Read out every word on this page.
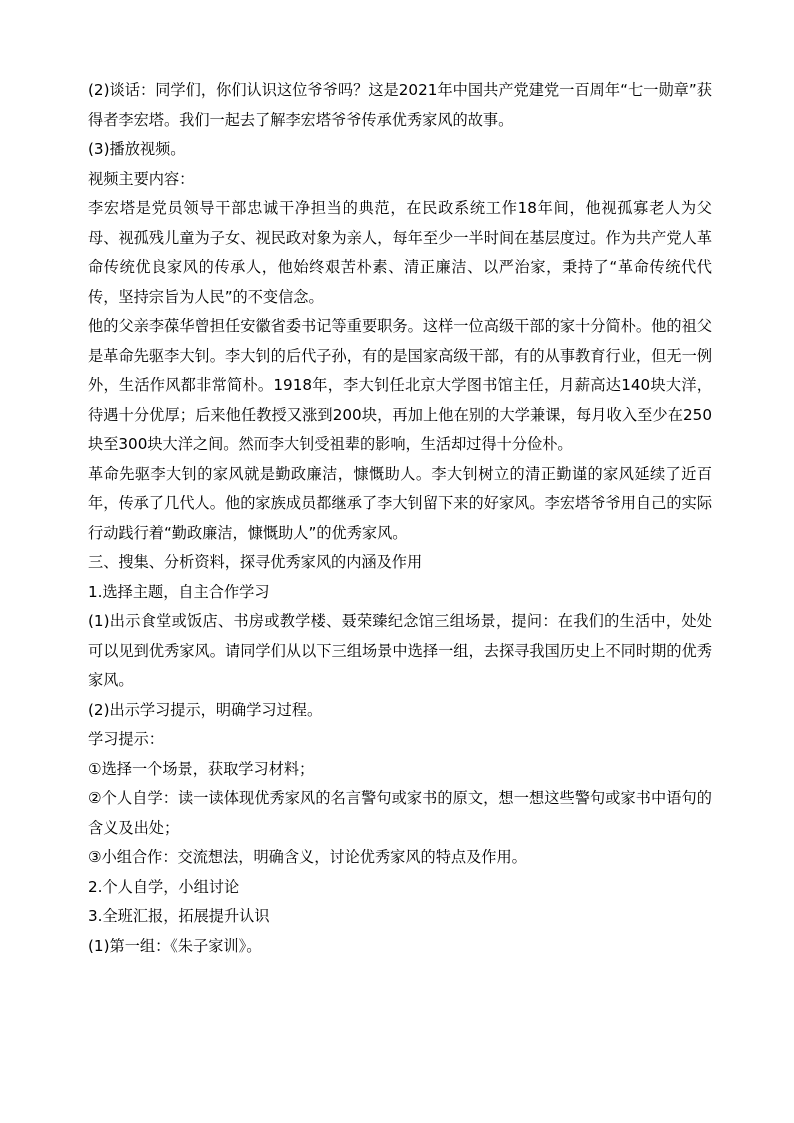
(2)谈话：同学们，你们认识这位爷爷吗？这是2021年中国共产党建党一百周年“七一勋章”获得者李宏塔。我们一起去了解李宏塔爷爷传承优秀家风的故事。

(3)播放视频。

视频主要内容：

李宏塔是党员领导干部忠诚干净担当的典范，在民政系统工作18年间，他视孤寡老人为父母、视孤残儿童为子女、视民政对象为亲人，每年至少一半时间在基层度过。作为共产党人革命传统优良家风的传承人，他始终艰苦朴素、清正廉洁、以严治家，秉持了“革命传统代代传，坚持宗旨为人民”的不变信念。

他的父亲李葆华曾担任安徽省委书记等重要职务。这样一位高级干部的家十分简朴。他的祖父是革命先驱李大钊。李大钊的后代子孙，有的是国家高级干部，有的从事教育行业，但无一例外，生活作风都非常简朴。1918年，李大钊任北京大学图书馆主任，月薪高达140块大洋，待遇十分优厚；后来他任教授又涨到200块，再加上他在别的大学兼课，每月收入至少在250块至300块大洋之间。然而李大钊受祖辈的影响，生活却过得十分俭朴。

革命先驱李大钊的家风就是勤政廉洁，慷慨助人。李大钊树立的清正勤谨的家风延续了近百年，传承了几代人。他的家族成员都继承了李大钊留下来的好家风。李宏塔爷爷用自己的实际行动践行着“勤政廉洁，慷慨助人”的优秀家风。

三、搜集、分析资料，探寻优秀家风的内涵及作用

1.选择主题，自主合作学习

(1)出示食堂或饭店、书房或教学楼、聂荣臻纪念馆三组场景，提问：在我们的生活中，处处可以见到优秀家风。请同学们从以下三组场景中选择一组，去探寻我国历史上不同时期的优秀家风。

(2)出示学习提示，明确学习过程。

学习提示：

①选择一个场景，获取学习材料；

②个人自学：读一读体现优秀家风的名言警句或家书的原文，想一想这些警句或家书中语句的含义及出处；

③小组合作：交流想法，明确含义，讨论优秀家风的特点及作用。

2.个人自学，小组讨论

3.全班汇报，拓展提升认识

(1)第一组：《朱子家训》。
